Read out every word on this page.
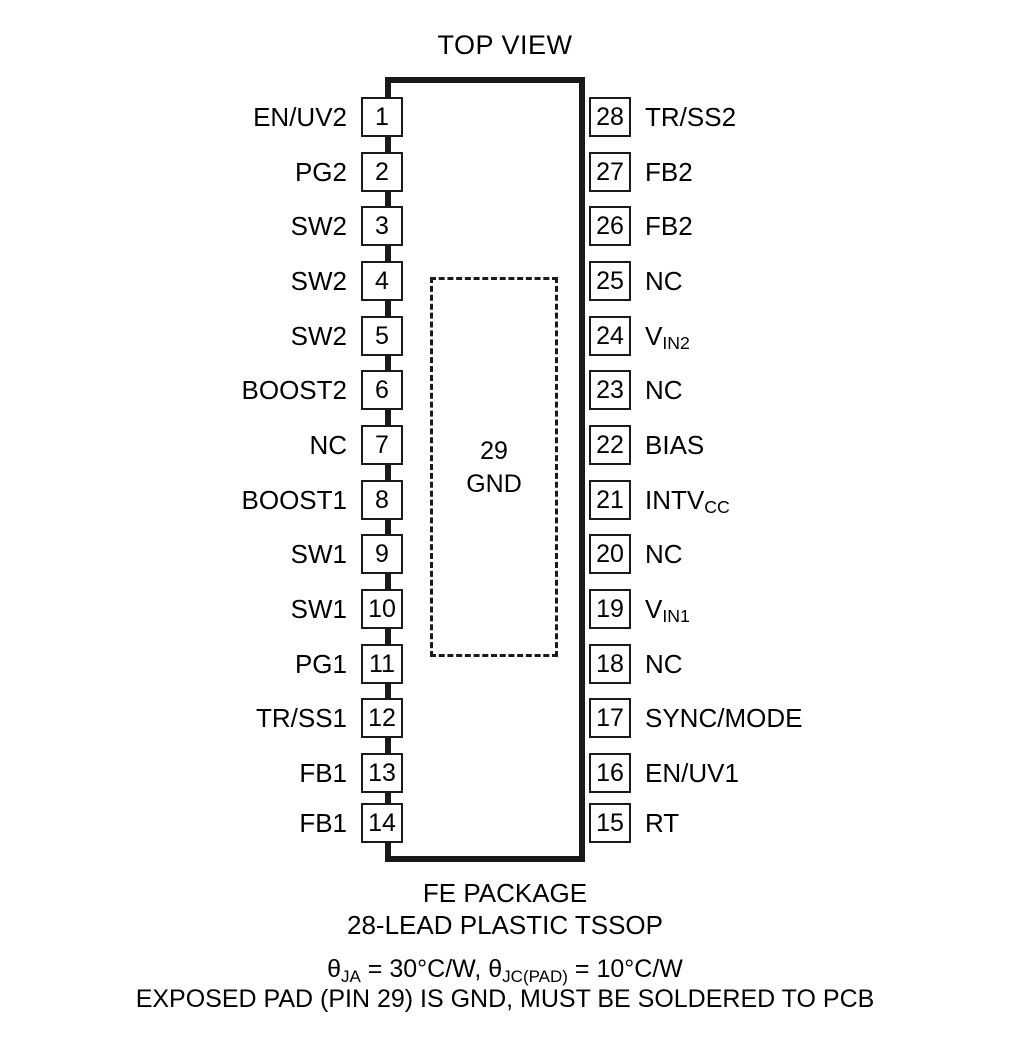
TOP VIEW
29
GND
EN/UV2	1
PG2	2
SW2	3
SW2	4
SW2	5
BOOST2	6
NC	7
BOOST1	8
SW1	9
SW1 10
PG1 11
TR/SS1 12
FB1 13
FB1 14
28 TR/SS2
27 FB2
26 FB2
25 NC
24 $V_{IN2}$
23 NC
22 BIAS
21 $INTV_{CC}$
20 NC
19 $V_{IN1}$
18 NC
17 SYNC/MODE
16 EN/UV1
15 RT
FE PACKAGE
28-LEAD PLASTIC TSSOP
$\theta_{JA} = 30^\circ C/W$, $\theta_{JC(PAD)} = 10^\circ C/W$
EXPOSED PAD (PIN 29) IS GND, MUST BE SOLDERED TO PCB
